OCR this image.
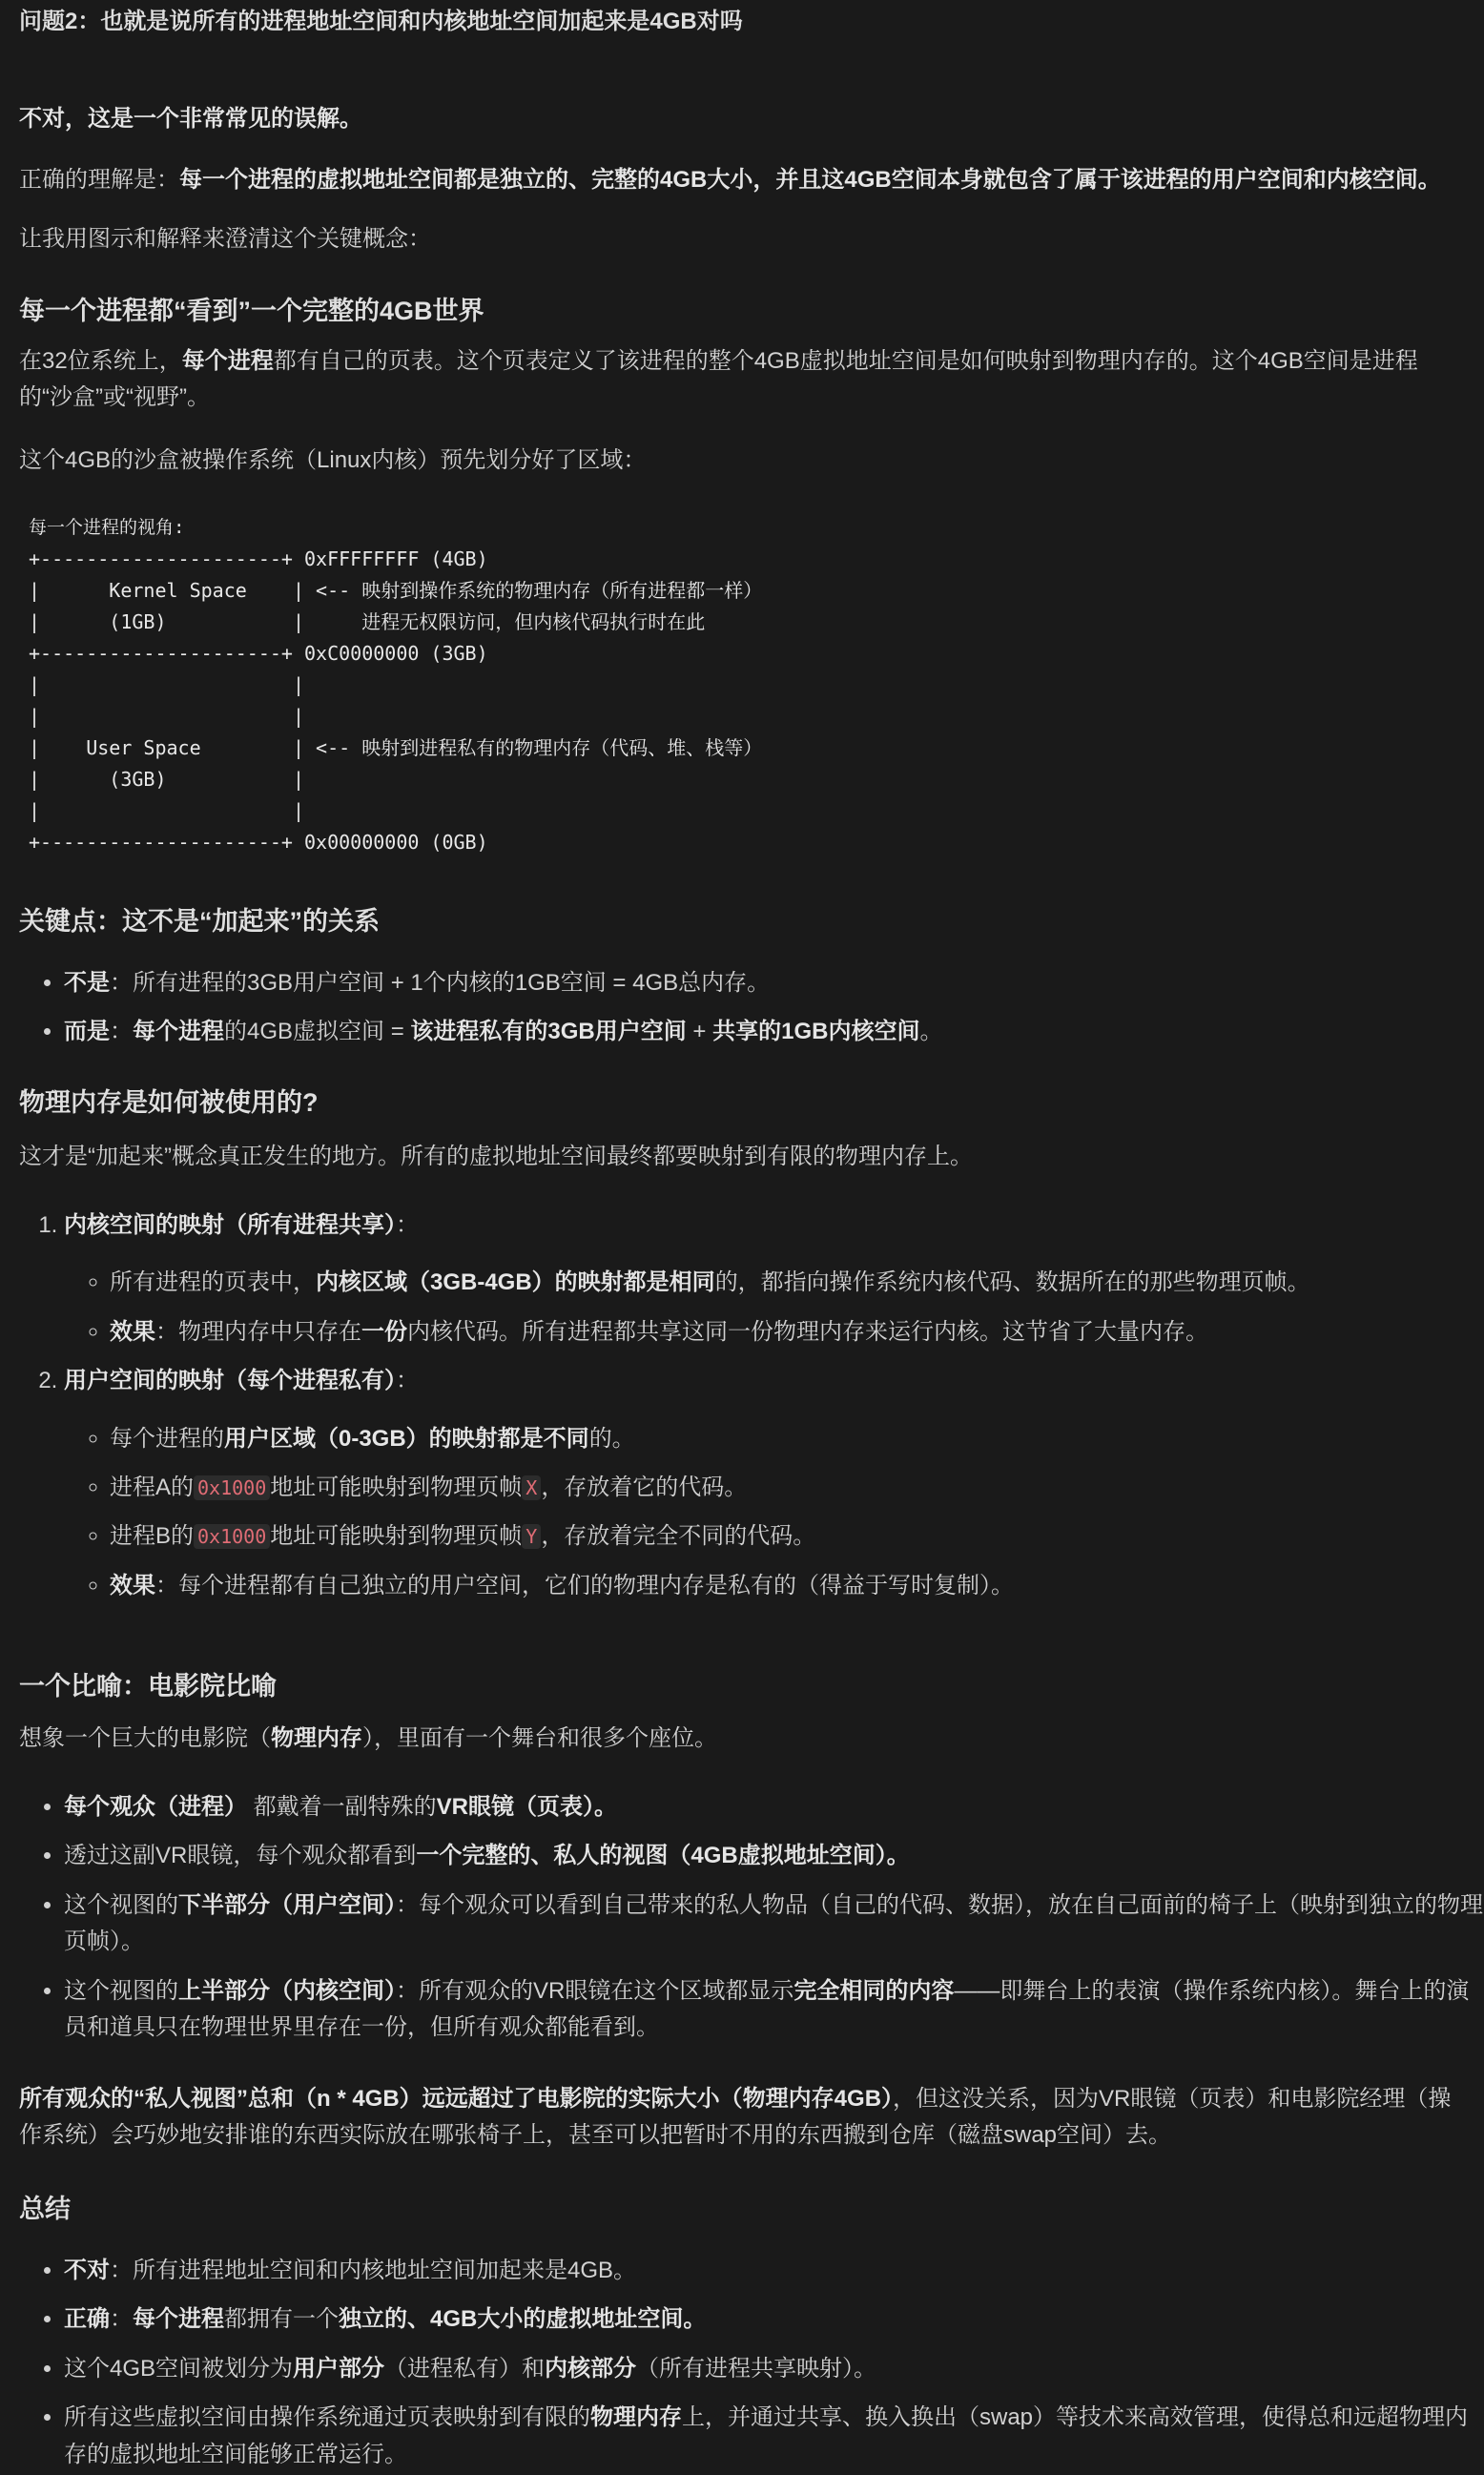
问题2：也就是说所有的进程地址空间和内核地址空间加起来是4GB对吗

不对，这是一个非常常见的误解。

正确的理解是：每一个进程的虚拟地址空间都是独立的、完整的4GB大小，并且这4GB空间本身就包含了属于该进程的用户空间和内核空间。

让我用图示和解释来澄清这个关键概念：

每一个进程都“看到”一个完整的4GB世界

在32位系统上，每个进程都有自己的页表。这个页表定义了该进程的整个4GB虚拟地址空间是如何映射到物理内存的。这个4GB空间是进程的“沙盒”或“视野”。

这个4GB的沙盒被操作系统（Linux内核）预先划分好了区域：

每一个进程的视角:
+---------------------+ 0xFFFFFFFF (4GB)
|      Kernel Space    | <-- 映射到操作系统的物理内存（所有进程都一样）
|      (1GB)           |     进程无权限访问，但内核代码执行时在此
+---------------------+ 0xC0000000 (3GB)
|                      |
|                      |
|    User Space        | <-- 映射到进程私有的物理内存（代码、堆、栈等）
|      (3GB)           |
|                      |
+---------------------+ 0x00000000 (0GB)
关键点：这不是“加起来”的关系
• 不是：所有进程的3GB用户空间 + 1个内核的1GB空间 = 4GB总内存。
• 而是：每个进程的4GB虚拟空间 = 该进程私有的3GB用户空间 + 共享的1GB内核空间。
物理内存是如何被使用的?

这才是“加起来”概念真正发生的地方。所有的虚拟地址空间最终都要映射到有限的物理内存上。

1. 内核空间的映射（所有进程共享）：
◦ 所有进程的页表中，内核区域（3GB-4GB）的映射都是相同的，都指向操作系统内核代码、数据所在的那些物理页帧。
◦ 效果：物理内存中只存在一份内核代码。所有进程都共享这同一份物理内存来运行内核。这节省了大量内存。
2. 用户空间的映射（每个进程私有）：
◦ 每个进程的用户区域（0-3GB）的映射都是不同的。
◦ 进程A的 0x1000 地址可能映射到物理页帧 X ，存放着它的代码。
◦ 进程B的 0x1000 地址可能映射到物理页帧 Y ，存放着完全不同的代码。
◦ 效果：每个进程都有自己独立的用户空间，它们的物理内存是私有的（得益于写时复制）。
一个比喻：电影院比喻

想象一个巨大的电影院（物理内存），里面有一个舞台和很多个座位。

• 每个观众（进程） 都戴着一副特殊的VR眼镜（页表）。
• 透过这副VR眼镜，每个观众都看到一个完整的、私人的视图（4GB虚拟地址空间）。
• 这个视图的下半部分（用户空间）：每个观众可以看到自己带来的私人物品（自己的代码、数据），放在自己面前的椅子上（映射到独立的物理页帧）。
• 这个视图的上半部分（内核空间）：所有观众的VR眼镜在这个区域都显示完全相同的内容——即舞台上的表演（操作系统内核）。舞台上的演员和道具只在物理世界里存在一份，但所有观众都能看到。

所有观众的“私人视图”总和（n * 4GB）远远超过了电影院的实际大小（物理内存4GB），但这没关系，因为VR眼镜（页表）和电影院经理（操作系统）会巧妙地安排谁的东西实际放在哪张椅子上，甚至可以把暂时不用的东西搬到仓库（磁盘swap空间）去。

总结
• 不对：所有进程地址空间和内核地址空间加起来是4GB。
• 正确：每个进程都拥有一个独立的、4GB大小的虚拟地址空间。
• 这个4GB空间被划分为用户部分（进程私有）和内核部分（所有进程共享映射）。
• 所有这些虚拟空间由操作系统通过页表映射到有限的物理内存上，并通过共享、换入换出（swap）等技术来高效管理，使得总和远超物理内存的虚拟地址空间能够正常运行。
